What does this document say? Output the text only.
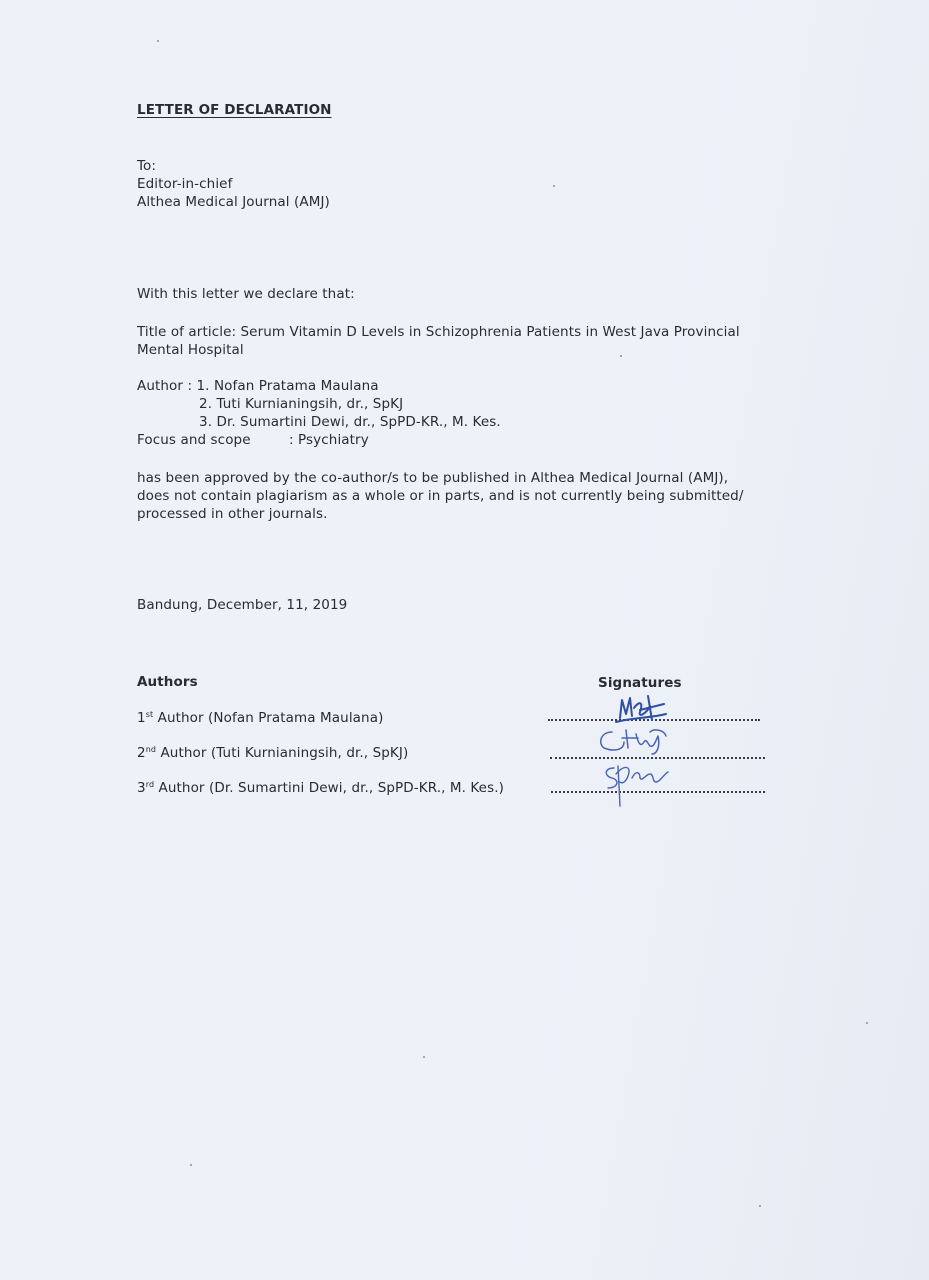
LETTER OF DECLARATION
To:
Editor-in-chief
Althea Medical Journal (AMJ)
With this letter we declare that:
Title of article: Serum Vitamin D Levels in Schizophrenia Patients in West Java Provincial
Mental Hospital
Author : 1. Nofan Pratama Maulana
2. Tuti Kurnianingsih, dr., SpKJ
3. Dr. Sumartini Dewi, dr., SpPD-KR., M. Kes.
Focus and scope	: Psychiatry
has been approved by the co-author/s to be published in Althea Medical Journal (AMJ),
does not contain plagiarism as a whole or in parts, and is not currently being submitted/
processed in other journals.
Bandung, December, 11, 2019
Authors	Signatures
1st Author (Nofan Pratama Maulana)
2nd Author (Tuti Kurnianingsih, dr., SpKJ)
3rd Author (Dr. Sumartini Dewi, dr., SpPD-KR., M. Kes.)
